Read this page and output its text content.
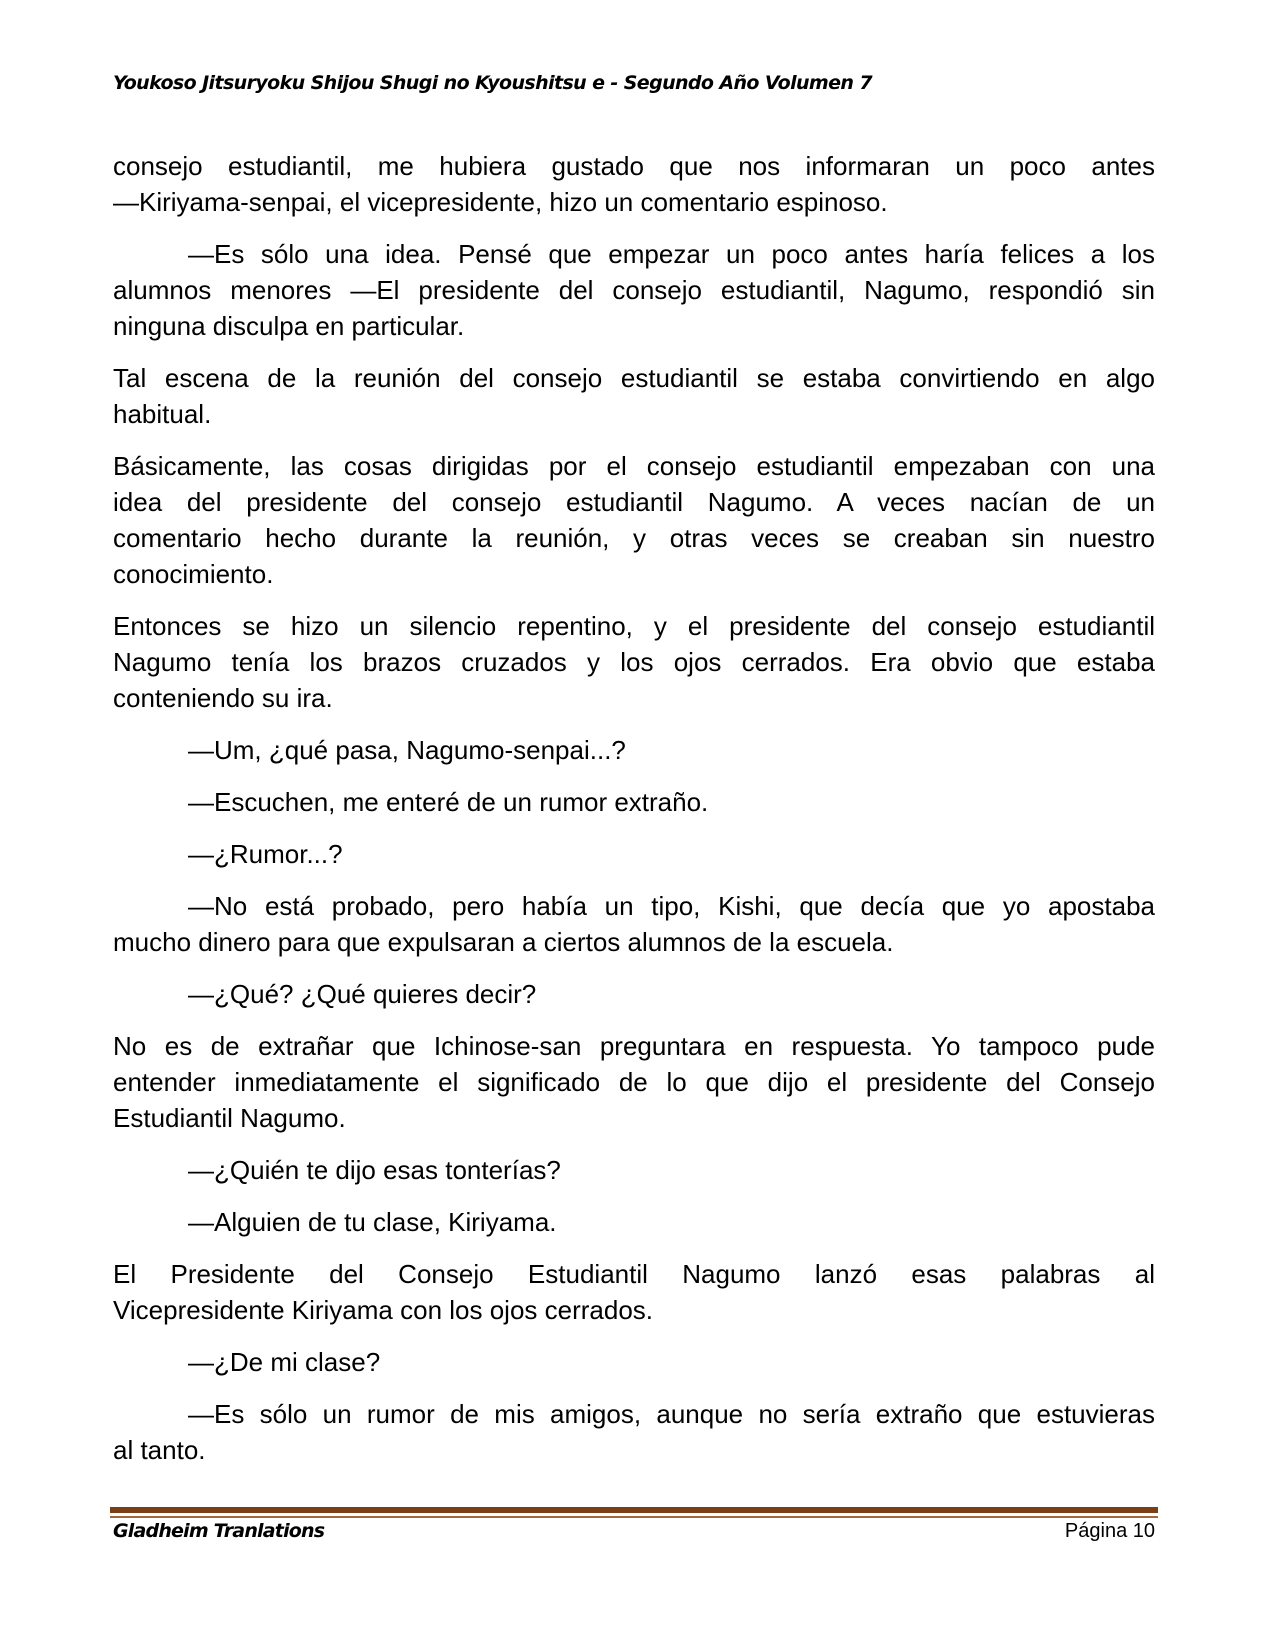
Youkoso Jitsuryoku Shijou Shugi no Kyoushitsu e - Segundo Año Volumen 7
consejo estudiantil, me hubiera gustado que nos informaran un poco antes
—Kiriyama-senpai, el vicepresidente, hizo un comentario espinoso.
—Es sólo una idea. Pensé que empezar un poco antes haría felices a los
alumnos menores —El presidente del consejo estudiantil, Nagumo, respondió sin
ninguna disculpa en particular.
Tal escena de la reunión del consejo estudiantil se estaba convirtiendo en algo
habitual.
Básicamente, las cosas dirigidas por el consejo estudiantil empezaban con una
idea del presidente del consejo estudiantil Nagumo. A veces nacían de un
comentario hecho durante la reunión, y otras veces se creaban sin nuestro
conocimiento.
Entonces se hizo un silencio repentino, y el presidente del consejo estudiantil
Nagumo tenía los brazos cruzados y los ojos cerrados. Era obvio que estaba
conteniendo su ira.
—Um, ¿qué pasa, Nagumo-senpai...?
—Escuchen, me enteré de un rumor extraño.
—¿Rumor...?
—No está probado, pero había un tipo, Kishi, que decía que yo apostaba
mucho dinero para que expulsaran a ciertos alumnos de la escuela.
—¿Qué? ¿Qué quieres decir?
No es de extrañar que Ichinose-san preguntara en respuesta. Yo tampoco pude
entender inmediatamente el significado de lo que dijo el presidente del Consejo
Estudiantil Nagumo.
—¿Quién te dijo esas tonterías?
—Alguien de tu clase, Kiriyama.
El Presidente del Consejo Estudiantil Nagumo lanzó esas palabras al
Vicepresidente Kiriyama con los ojos cerrados.
—¿De mi clase?
—Es sólo un rumor de mis amigos, aunque no sería extraño que estuvieras
al tanto.
Gladheim Tranlations	Página 10
